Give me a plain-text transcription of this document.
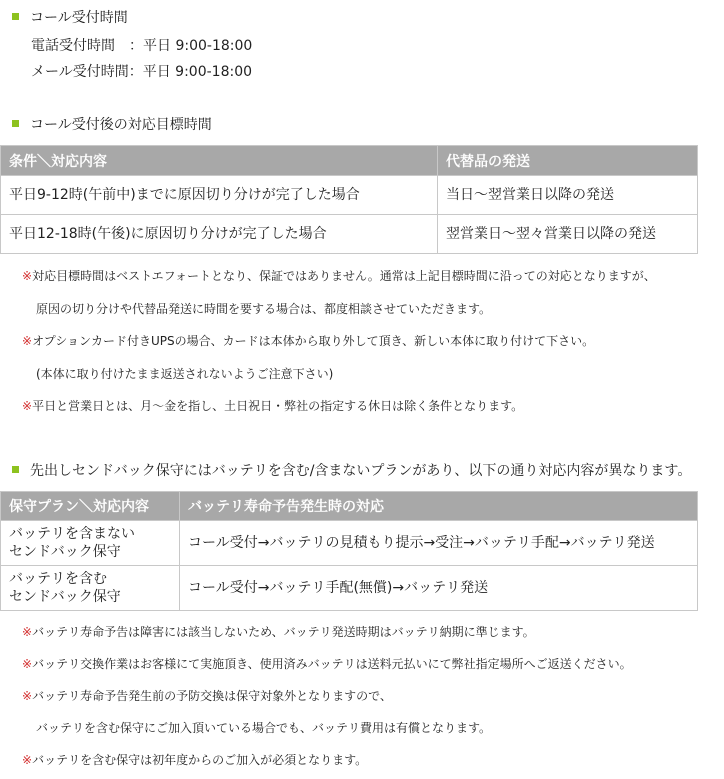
コール受付時間
電話受付時間　：平日 9:00-18:00
メール受付時間：平日 9:00-18:00
コール受付後の対応目標時間
条件＼対応内容	代替品の発送
平日9-12時(午前中)までに原因切り分けが完了した場合	当日～翌営業日以降の発送
平日12-18時(午後)に原因切り分けが完了した場合	翌営業日～翌々営業日以降の発送
※対応目標時間はベストエフォートとなり、保証ではありません。通常は上記目標時間に沿っての対応となりますが、
原因の切り分けや代替品発送に時間を要する場合は、都度相談させていただきます。
※オプションカード付きUPSの場合、カードは本体から取り外して頂き、新しい本体に取り付けて下さい。
(本体に取り付けたまま返送されないようご注意下さい)
※平日と営業日とは、月～金を指し、土日祝日・弊社の指定する休日は除く条件となります。
先出しセンドバック保守にはバッテリを含む/含まないプランがあり、以下の通り対応内容が異なります。
保守プラン＼対応内容	バッテリ寿命予告発生時の対応
バッテリを含まない
センドバック保守	コール受付→バッテリの見積もり提示→受注→バッテリ手配→バッテリ発送
バッテリを含む
センドバック保守	コール受付→バッテリ手配(無償)→バッテリ発送
※バッテリ寿命予告は障害には該当しないため、バッテリ発送時期はバッテリ納期に準じます。
※バッテリ交換作業はお客様にて実施頂き、使用済みバッテリは送料元払いにて弊社指定場所へご返送ください。
※バッテリ寿命予告発生前の予防交換は保守対象外となりますので、
バッテリを含む保守にご加入頂いている場合でも、バッテリ費用は有償となります。
※バッテリを含む保守は初年度からのご加入が必須となります。
